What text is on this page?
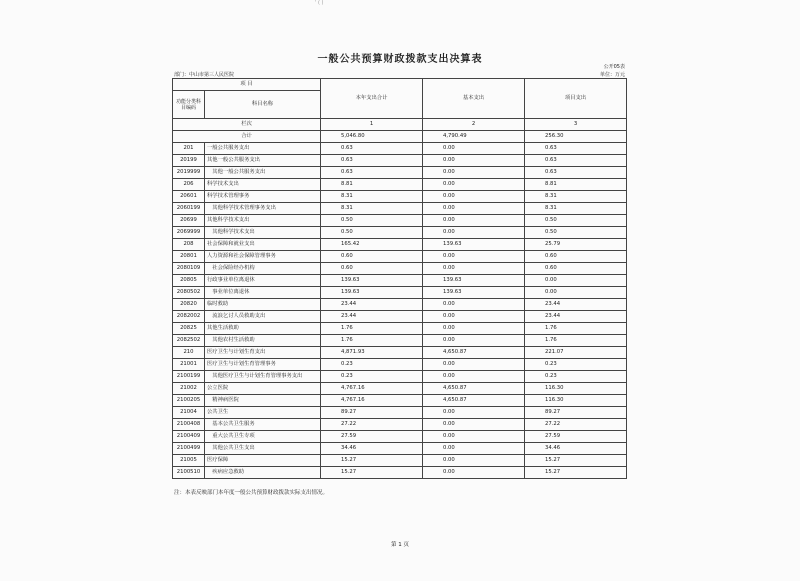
' ( )
一般公共预算财政拨款支出决算表
公开05表
部门：中山市第三人民医院	单位：万元
项 目		本年支出合计	基本支出	项目支出
功能分类科目编码	科目名称			
栏次		1	2	3
合计		5,046.80	4,790.49	256.30
201	一般公共服务支出	0.63	0.00	0.63
20199	其他一般公共服务支出	0.63	0.00	0.63
2019999	　其他一般公共服务支出	0.63	0.00	0.63
206	科学技术支出	8.81	0.00	8.81
20601	科学技术管理事务	8.31	0.00	8.31
2060199	　其他科学技术管理事务支出	8.31	0.00	8.31
20699	其他科学技术支出	0.50	0.00	0.50
2069999	　其他科学技术支出	0.50	0.00	0.50
208	社会保障和就业支出	165.42	139.63	25.79
20801	人力资源和社会保障管理事务	0.60	0.00	0.60
2080109	　社会保险经办机构	0.60	0.00	0.60
20805	行政事业单位离退休	139.63	139.63	0.00
2080502	　事业单位离退休	139.63	139.63	0.00
20820	临时救助	23.44	0.00	23.44
2082002	　流浪乞讨人员救助支出	23.44	0.00	23.44
20825	其他生活救助	1.76	0.00	1.76
2082502	　其他农村生活救助	1.76	0.00	1.76
210	医疗卫生与计划生育支出	4,871.93	4,650.87	221.07
21001	医疗卫生与计划生育管理事务	0.23	0.00	0.23
2100199	　其他医疗卫生与计划生育管理事务支出	0.23	0.00	0.23
21002	公立医院	4,767.16	4,650.87	116.30
2100205	　精神病医院	4,767.16	4,650.87	116.30
21004	公共卫生	89.27	0.00	89.27
2100408	　基本公共卫生服务	27.22	0.00	27.22
2100409	　重大公共卫生专项	27.59	0.00	27.59
2100499	　其他公共卫生支出	34.46	0.00	34.46
21005	医疗保障	15.27	0.00	15.27
2100510	　疾病应急救助	15.27	0.00	15.27
注：本表反映部门本年度一般公共预算财政拨款实际支出情况。
第 1 页
